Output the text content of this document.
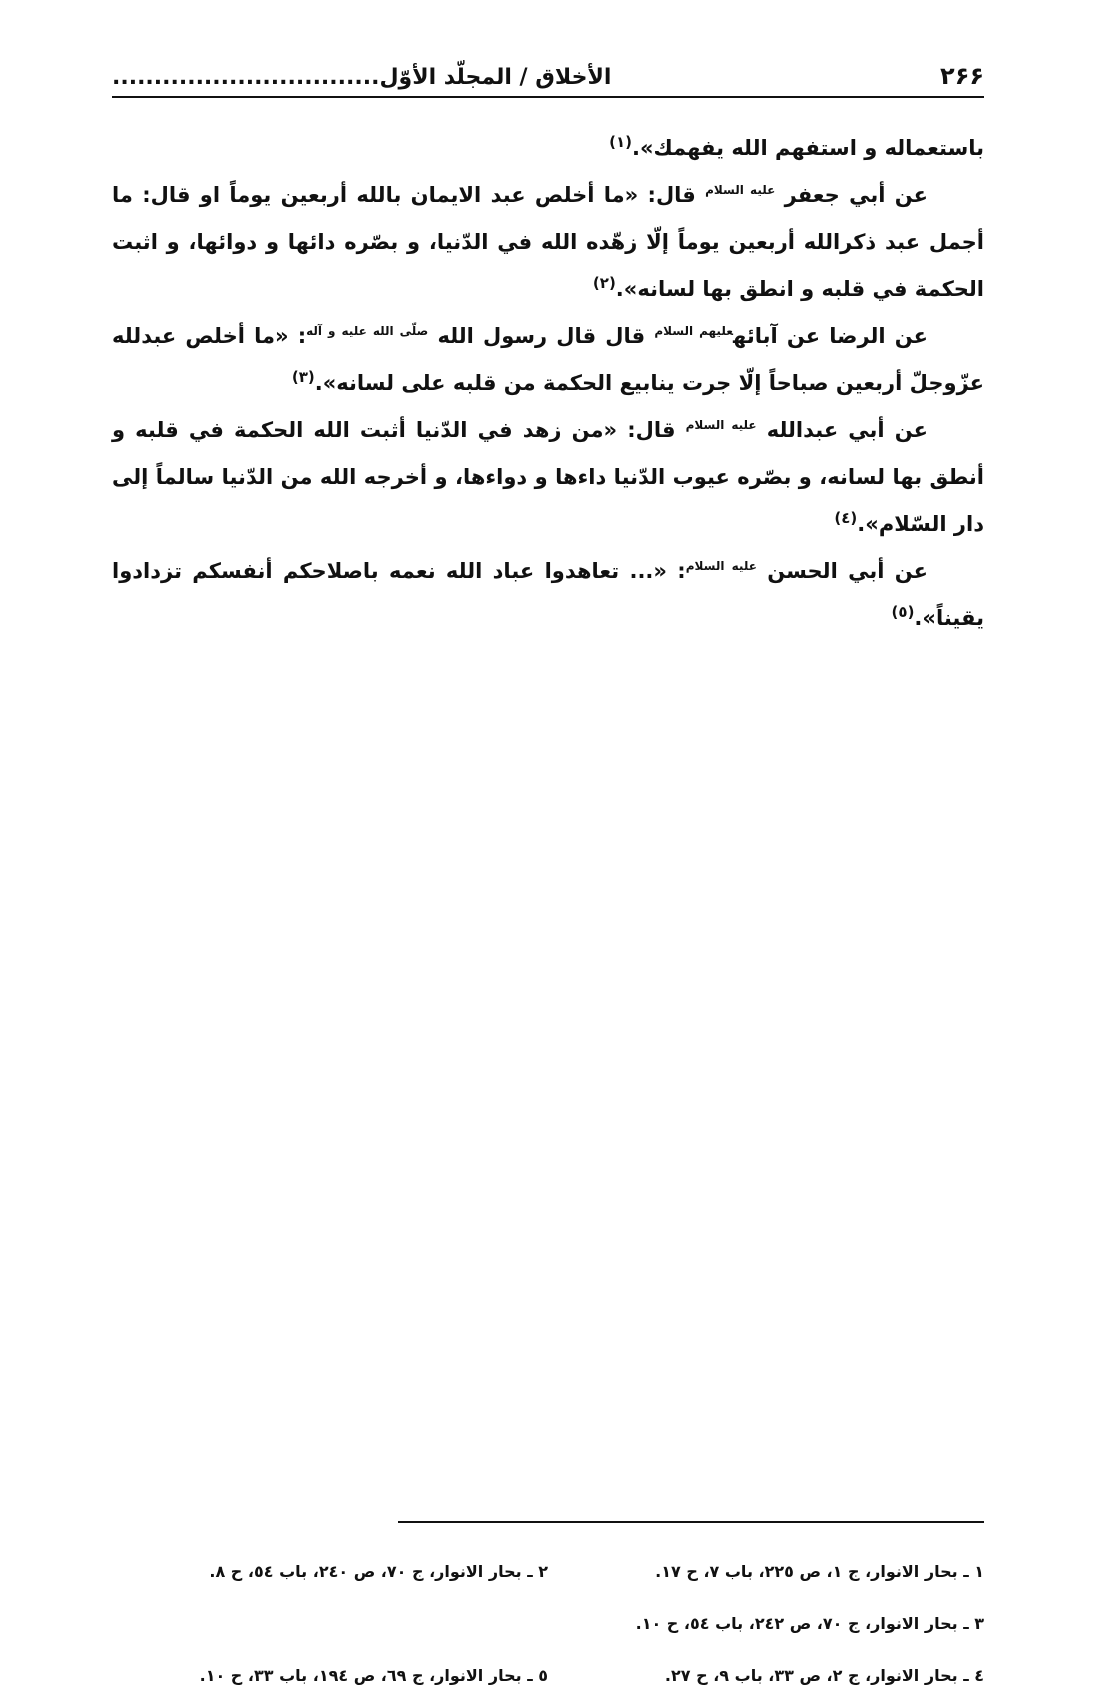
الأخلاق / المجلّد الأوّل................................	٢۶۶

باستعماله و استفهم الله يفهمك».$^{(١)}$

عن أبي جعفر $^{عليه السلام}$ قال: «ما أخلص عبد الايمان بالله أربعين يوماً او قال: ما أجمل عبد ذكرالله أربعين يوماً إلّا زهّده الله في الدّنيا، و بصّره دائها و دوائها، و اثبت الحكمة في قلبه و انطق بها لسانه».$^{(٢)}$

عن الرضا عن آبائه$^{عليهم السلام}$ قال قال رسول الله $^{صلّى الله عليه و آله}$: «ما أخلص عبدلله عزّوجلّ أربعين صباحاً إلّا جرت ينابيع الحكمة من قلبه على لسانه».$^{(٣)}$

عن أبي عبدالله $^{عليه السلام}$ قال: «من زهد في الدّنيا أثبت الله الحكمة في قلبه و أنطق بها لسانه، و بصّره عيوب الدّنيا داءها و دواءها، و أخرجه الله من الدّنيا سالماً إلى دار السّلام».$^{(٤)}$

عن أبي الحسن $^{عليه السلام}$: «... تعاهدوا عباد الله نعمه باصلاحكم أنفسكم تزدادوا يقيناً».$^{(٥)}$

١ ـ بحار الانوار، ج ١، ص ٢٢٥، باب ٧، ح ١٧.
٢ ـ بحار الانوار، ج ٧٠، ص ٢٤٠، باب ٥٤، ح ٨.
٣ ـ بحار الانوار، ج ٧٠، ص ٢٤٢، باب ٥٤، ح ١٠.
٤ ـ بحار الانوار، ج ٢، ص ٣٣، باب ٩، ح ٢٧.
٥ ـ بحار الانوار، ج ٦٩، ص ١٩٤، باب ٣٣، ح ١٠.
